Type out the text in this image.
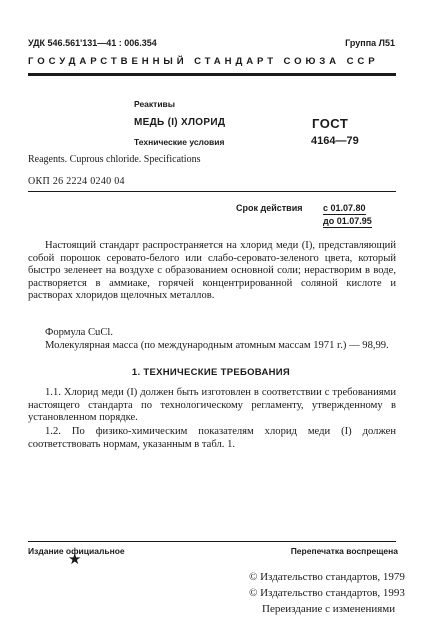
УДК 546.561'131—41 : 006.354	Группа Л51
ГОСУДАРСТВЕННЫЙ СТАНДАРТ СОЮЗА ССР
Реактивы
МЕДЬ (I) ХЛОРИД
Технические условия
ГОСТ
4164—79
Reagents. Cuprous chloride. Specifications
ОКП 26 2224 0240 04
Срок действия с 01.07.80
до 01.07.95
Настоящий стандарт распространяется на хлорид меди (I), представляющий собой порошок серовато-белого или слабо-серовато-зеленого цвета, который быстро зеленеет на воздухе с образованием основной соли; нерастворим в воде, растворяется в аммиаке, горячей концентрированной соляной кислоте и растворах хлоридов щелочных металлов.
Формула CuCl.
Молекулярная масса (по международным атомным массам 1971 г.) — 98,99.
1. ТЕХНИЧЕСКИЕ ТРЕБОВАНИЯ
1.1. Хлорид меди (I) должен быть изготовлен в соответствии с требованиями настоящего стандарта по технологическому регламенту, утвержденному в установленном порядке.
1.2. По физико-химическим показателям хлорид меди (I) должен соответствовать нормам, указанным в табл. 1.
Издание официальное	Перепечатка воспрещена
★
© Издательство стандартов, 1979
© Издательство стандартов, 1993
Переиздание с изменениями
